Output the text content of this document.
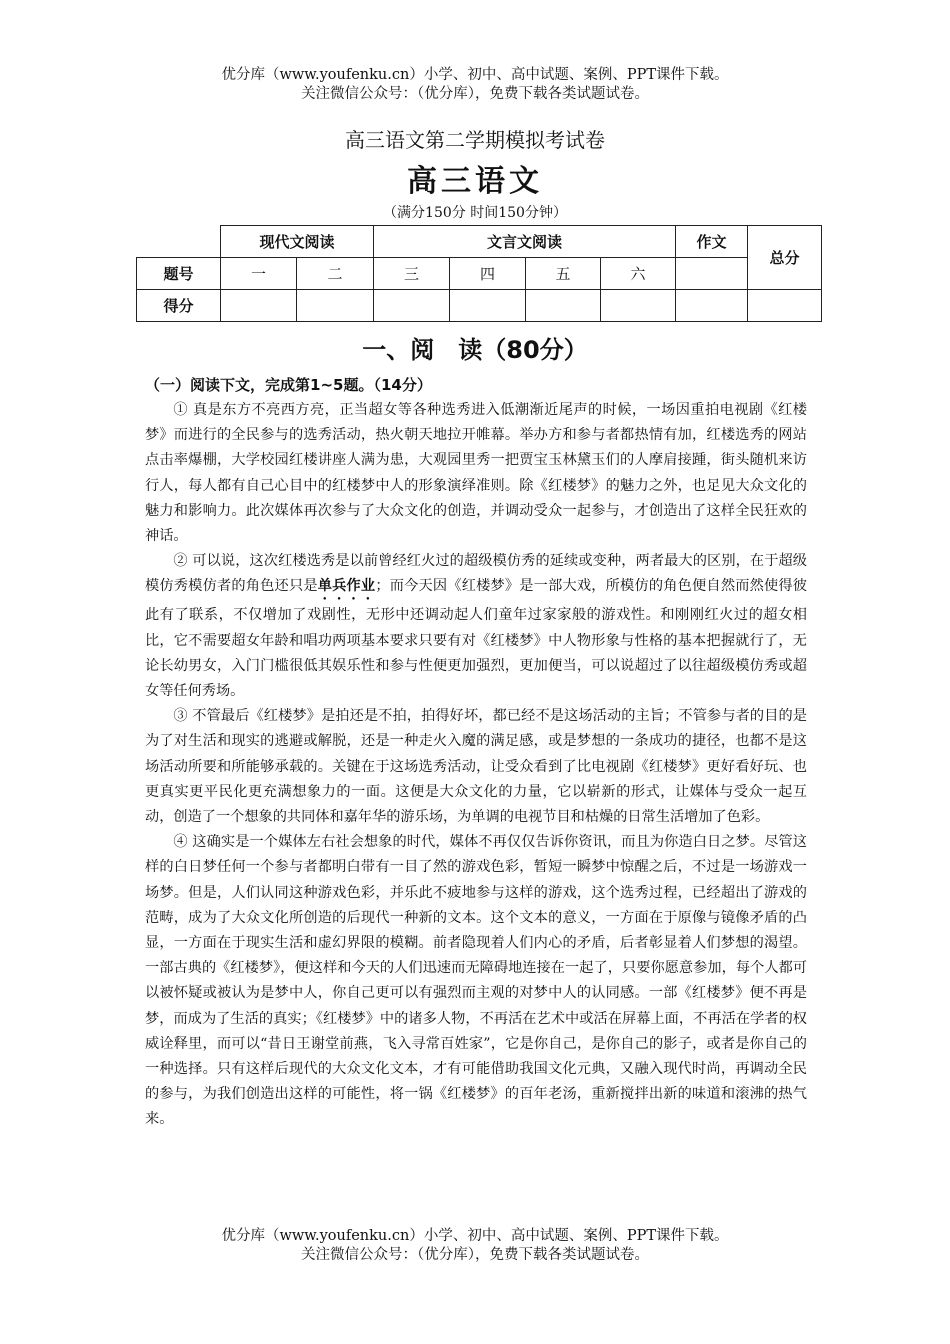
优分库（www.youfenku.cn）小学、初中、高中试题、案例、PPT课件下载。
关注微信公众号：（优分库），免费下载各类试题试卷。
高三语文第二学期模拟考试卷
高三语文
（满分150分 时间150分钟）
	现代文阅读		文言文阅读				作文	总分
题号	一	二	三	四	五	六		
得分								
一、阅　读（80分）
（一）阅读下文，完成第1~5题。（14分）

① 真是东方不亮西方亮，正当超女等各种选秀进入低潮渐近尾声的时候，一场因重拍电视剧《红楼梦》而进行的全民参与的选秀活动，热火朝天地拉开帷幕。举办方和参与者都热情有加，红楼选秀的网站点击率爆棚，大学校园红楼讲座人满为患，大观园里秀一把贾宝玉林黛玉们的人摩肩接踵，街头随机来访行人，每人都有自己心目中的红楼梦中人的形象演绎准则。除《红楼梦》的魅力之外，也足见大众文化的魅力和影响力。此次媒体再次参与了大众文化的创造，并调动受众一起参与，才创造出了这样全民狂欢的神话。

② 可以说，这次红楼选秀是以前曾经红火过的超级模仿秀的延续或变种，两者最大的区别，在于超级模仿秀模仿者的角色还只是单兵作业；而今天因《红楼梦》是一部大戏，所模仿的角色便自然而然使得彼此有了联系，不仅增加了戏剧性，无形中还调动起人们童年过家家般的游戏性。和刚刚红火过的超女相比，它不需要超女年龄和唱功两项基本要求只要有对《红楼梦》中人物形象与性格的基本把握就行了，无论长幼男女，入门门槛很低其娱乐性和参与性便更加强烈，更加便当，可以说超过了以往超级模仿秀或超女等任何秀场。

③ 不管最后《红楼梦》是拍还是不拍，拍得好坏，都已经不是这场活动的主旨；不管参与者的目的是为了对生活和现实的逃避或解脱，还是一种走火入魔的满足感，或是梦想的一条成功的捷径，也都不是这场活动所要和所能够承载的。关键在于这场选秀活动，让受众看到了比电视剧《红楼梦》更好看好玩、也更真实更平民化更充满想象力的一面。这便是大众文化的力量，它以崭新的形式，让媒体与受众一起互动，创造了一个想象的共同体和嘉年华的游乐场，为单调的电视节目和枯燥的日常生活增加了色彩。

④ 这确实是一个媒体左右社会想象的时代，媒体不再仅仅告诉你资讯，而且为你造白日之梦。尽管这样的白日梦任何一个参与者都明白带有一目了然的游戏色彩，暂短一瞬梦中惊醒之后，不过是一场游戏一场梦。但是，人们认同这种游戏色彩，并乐此不疲地参与这样的游戏，这个选秀过程，已经超出了游戏的范畴，成为了大众文化所创造的后现代一种新的文本。这个文本的意义，一方面在于原像与镜像矛盾的凸显，一方面在于现实生活和虚幻界限的模糊。前者隐现着人们内心的矛盾，后者彰显着人们梦想的渴望。一部古典的《红楼梦》，便这样和今天的人们迅速而无障碍地连接在一起了，只要你愿意参加，每个人都可以被怀疑或被认为是梦中人，你自己更可以有强烈而主观的对梦中人的认同感。一部《红楼梦》便不再是梦，而成为了生活的真实；《红楼梦》中的诸多人物，不再活在艺术中或活在屏幕上面，不再活在学者的权威诠释里，而可以“昔日王谢堂前燕，飞入寻常百姓家”，它是你自己，是你自己的影子，或者是你自己的一种选择。只有这样后现代的大众文化文本，才有可能借助我国文化元典，又融入现代时尚，再调动全民的参与，为我们创造出这样的可能性，将一锅《红楼梦》的百年老汤，重新搅拌出新的味道和滚沸的热气来。

优分库（www.youfenku.cn）小学、初中、高中试题、案例、PPT课件下载。
关注微信公众号：（优分库），免费下载各类试题试卷。
